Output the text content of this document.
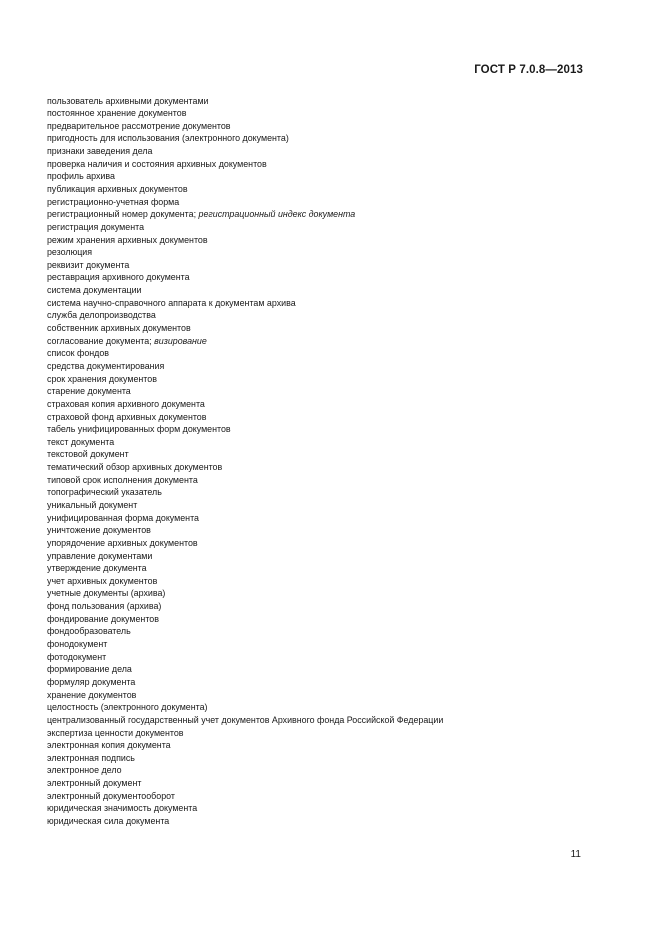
ГОСТ Р 7.0.8—2013
пользователь архивными документами
постоянное хранение документов
предварительное рассмотрение документов
пригодность для использования (электронного документа)
признаки заведения дела
проверка наличия и состояния архивных документов
профиль архива
публикация архивных документов
регистрационно-учетная форма
регистрационный номер документа; регистрационный индекс документа
регистрация документа
режим хранения архивных документов
резолюция
реквизит документа
реставрация архивного документа
система документации
система научно-справочного аппарата к документам архива
служба делопроизводства
собственник архивных документов
согласование документа; визирование
список фондов
средства документирования
срок хранения документов
старение документа
страховая копия архивного документа
страховой фонд архивных документов
табель унифицированных форм документов
текст документа
текстовой документ
тематический обзор архивных документов
типовой срок исполнения документа
топографический указатель
уникальный документ
унифицированная форма документа
уничтожение документов
упорядочение архивных документов
управление документами
утверждение документа
учет архивных документов
учетные документы (архива)
фонд пользования (архива)
фондирование документов
фондообразователь
фонодокумент
фотодокумент
формирование дела
формуляр документа
хранение документов
целостность (электронного документа)
централизованный государственный учет документов Архивного фонда Российской Федерации
экспертиза ценности документов
электронная копия документа
электронная подпись
электронное дело
электронный документ
электронный документооборот
юридическая значимость документа
юридическая сила документа
11
